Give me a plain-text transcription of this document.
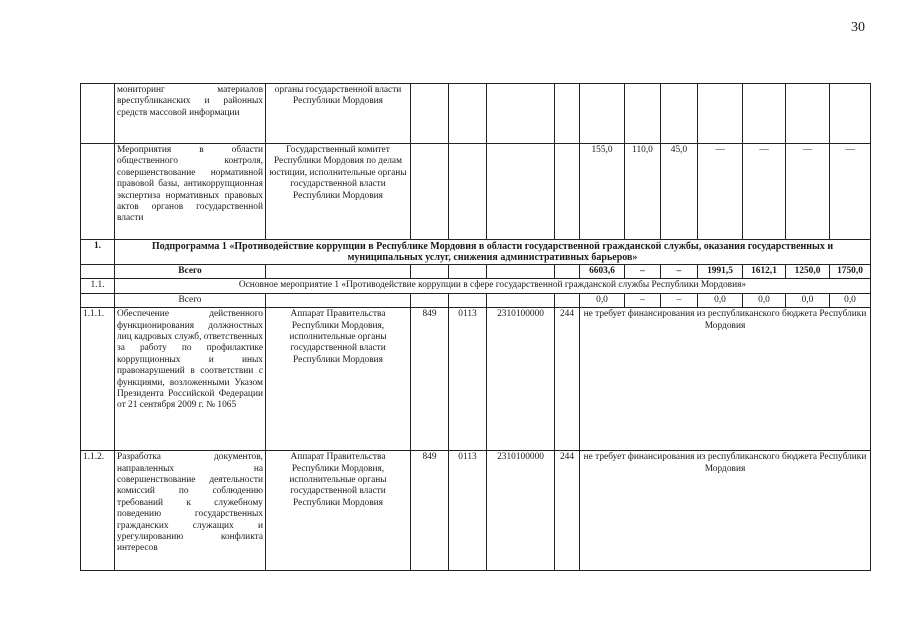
30
	мониторинг материалов вреспубликанских и районных средств массовой информации	органы государственной власти Республики Мордовия											
	Мероприятия в области общественного контроля, совершенствование нормативной правовой базы, антикоррупционная экспертиза нормативных правовых актов органов государственной власти	Государственный комитет Республики Мордовия по делам юстиции, исполнительные органы государственной власти Республики Мордовия					155,0	110,0	45,0	—	—	—	—
1.	Подпрограмма 1 «Противодействие коррупции в Республике Мордовия в области государственной гражданской службы, оказания государственных и муниципальных услуг, снижения административных барьеров»												
	Всего						6603,6	–	–	1991,5	1612,1	1250,0	1750,0
1.1.	Основное мероприятие 1 «Противодействие коррупции в сфере государственной гражданской службы Республики Мордовия»												
	Всего						0,0	–	–	0,0	0,0	0,0	0,0
1.1.1.	Обеспечение действенного функционирования должностных лиц кадровых служб, ответственных за работу по профилактике коррупционных и иных правонарушений в соответствии с функциями, возложенными Указом Президента Российской Федерации от 21 сентября 2009 г. № 1065	Аппарат Правительства Республики Мордовия, исполнительные органы государственной власти Республики Мордовия	849	0113	2310100000	244	не требует финансирования из республиканского бюджета Республики Мордовия						
1.1.2.	Разработка документов, направленных на совершенствование деятельности комиссий по соблюдению требований к служебному поведению государственных гражданских служащих и урегулированию конфликта интересов	Аппарат Правительства Республики Мордовия, исполнительные органы государственной власти Республики Мордовия	849	0113	2310100000	244	не требует финансирования из республиканского бюджета Республики Мордовия						
